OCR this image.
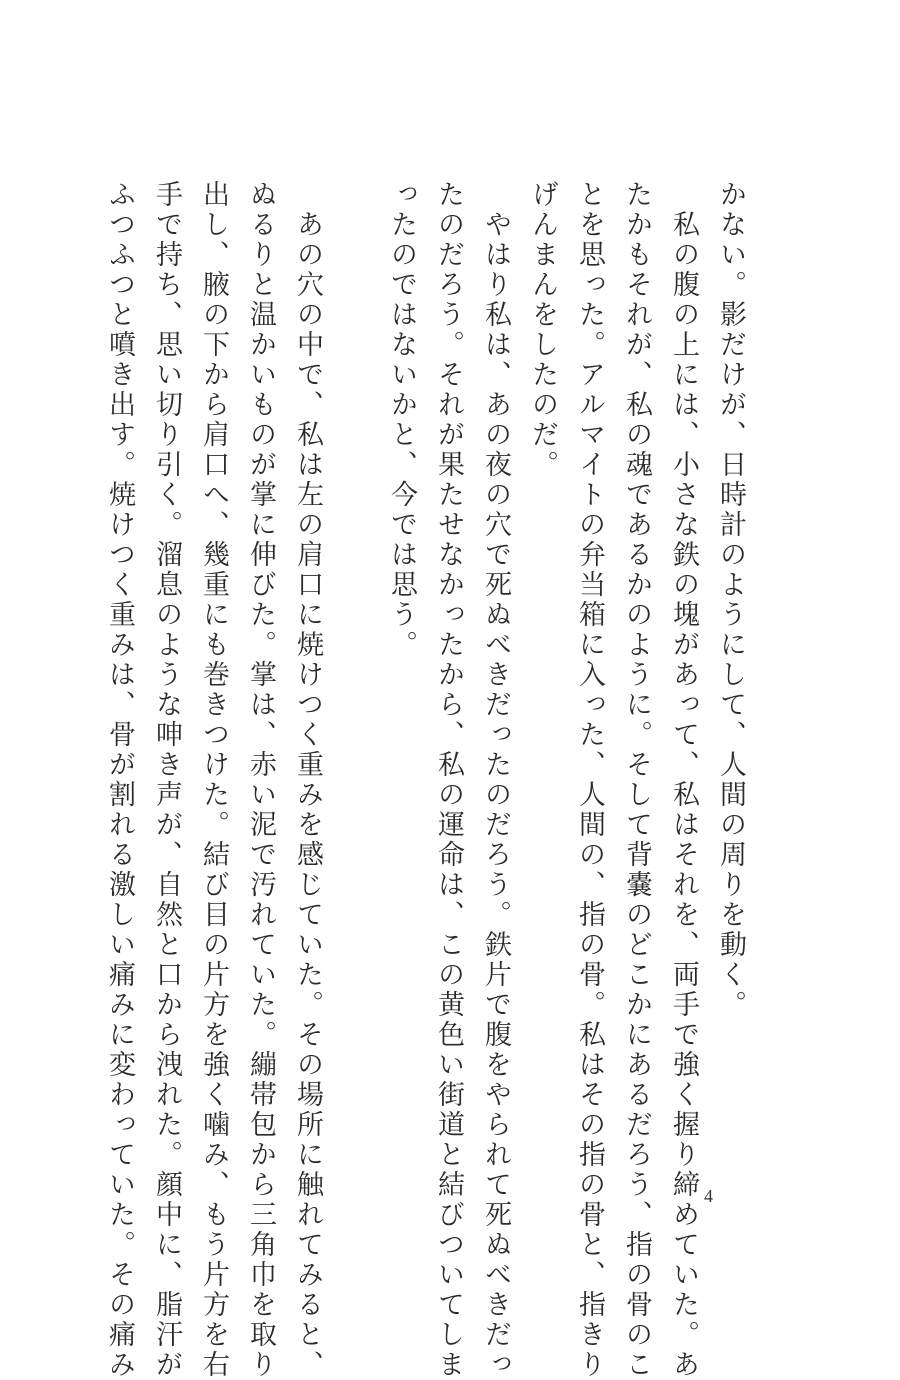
かない。影だけが、日時計のようにして、人間の周りを動く。
　私の腹の上には、小さな鉄の塊があって、私はそれを、両手で強く握り締めていた。あ
たかもそれが、私の魂であるかのように。そして背嚢のどこかにあるだろう、指の骨のこ
とを思った。アルマイトの弁当箱に入った、人間の、指の骨。私はその指の骨と、指きり
げんまんをしたのだ。
　やはり私は、あの夜の穴で死ぬべきだったのだろう。鉄片で腹をやられて死ぬべきだっ
たのだろう。それが果たせなかったから、私の運命は、この黄色い街道と結びついてしま
ったのではないかと、今では思う。
　あの穴の中で、私は左の肩口に焼けつく重みを感じていた。その場所に触れてみると、
ぬるりと温かいものが掌に伸びた。掌は、赤い泥で汚れていた。繃帯包から三角巾を取り
出し、腋の下から肩口へ、幾重にも巻きつけた。結び目の片方を強く噛み、もう片方を右
手で持ち、思い切り引く。溜息のような呻き声が、自然と口から洩れた。顔中に、脂汗が
ふつふつと噴き出す。焼けつく重みは、骨が割れる激しい痛みに変わっていた。その痛み	4
